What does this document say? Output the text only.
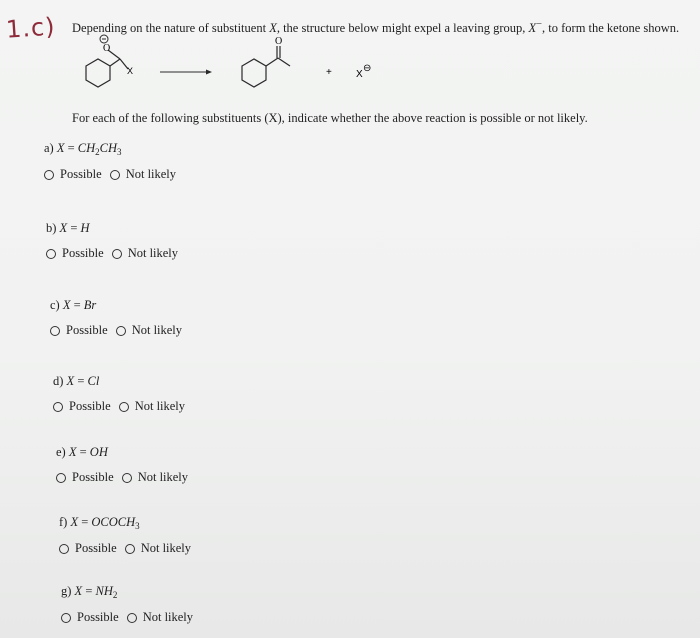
1.c) Depending on the nature of substituent X, the structure below might expel a leaving group, X−, to form the ketone shown.
O
X
O
+ X
⊖
For each of the following substituents (X), indicate whether the above reaction is possible or not likely.
a) $X = CH_2CH_3$
Possible Not likely
b) X = H
Possible Not likely
c) X = Br
Possible Not likely
d) X = Cl
Possible Not likely
e) X = OH
Possible Not likely
f) $X = OCOCH_3$
Possible Not likely
g) $X = NH_2$
Possible Not likely
